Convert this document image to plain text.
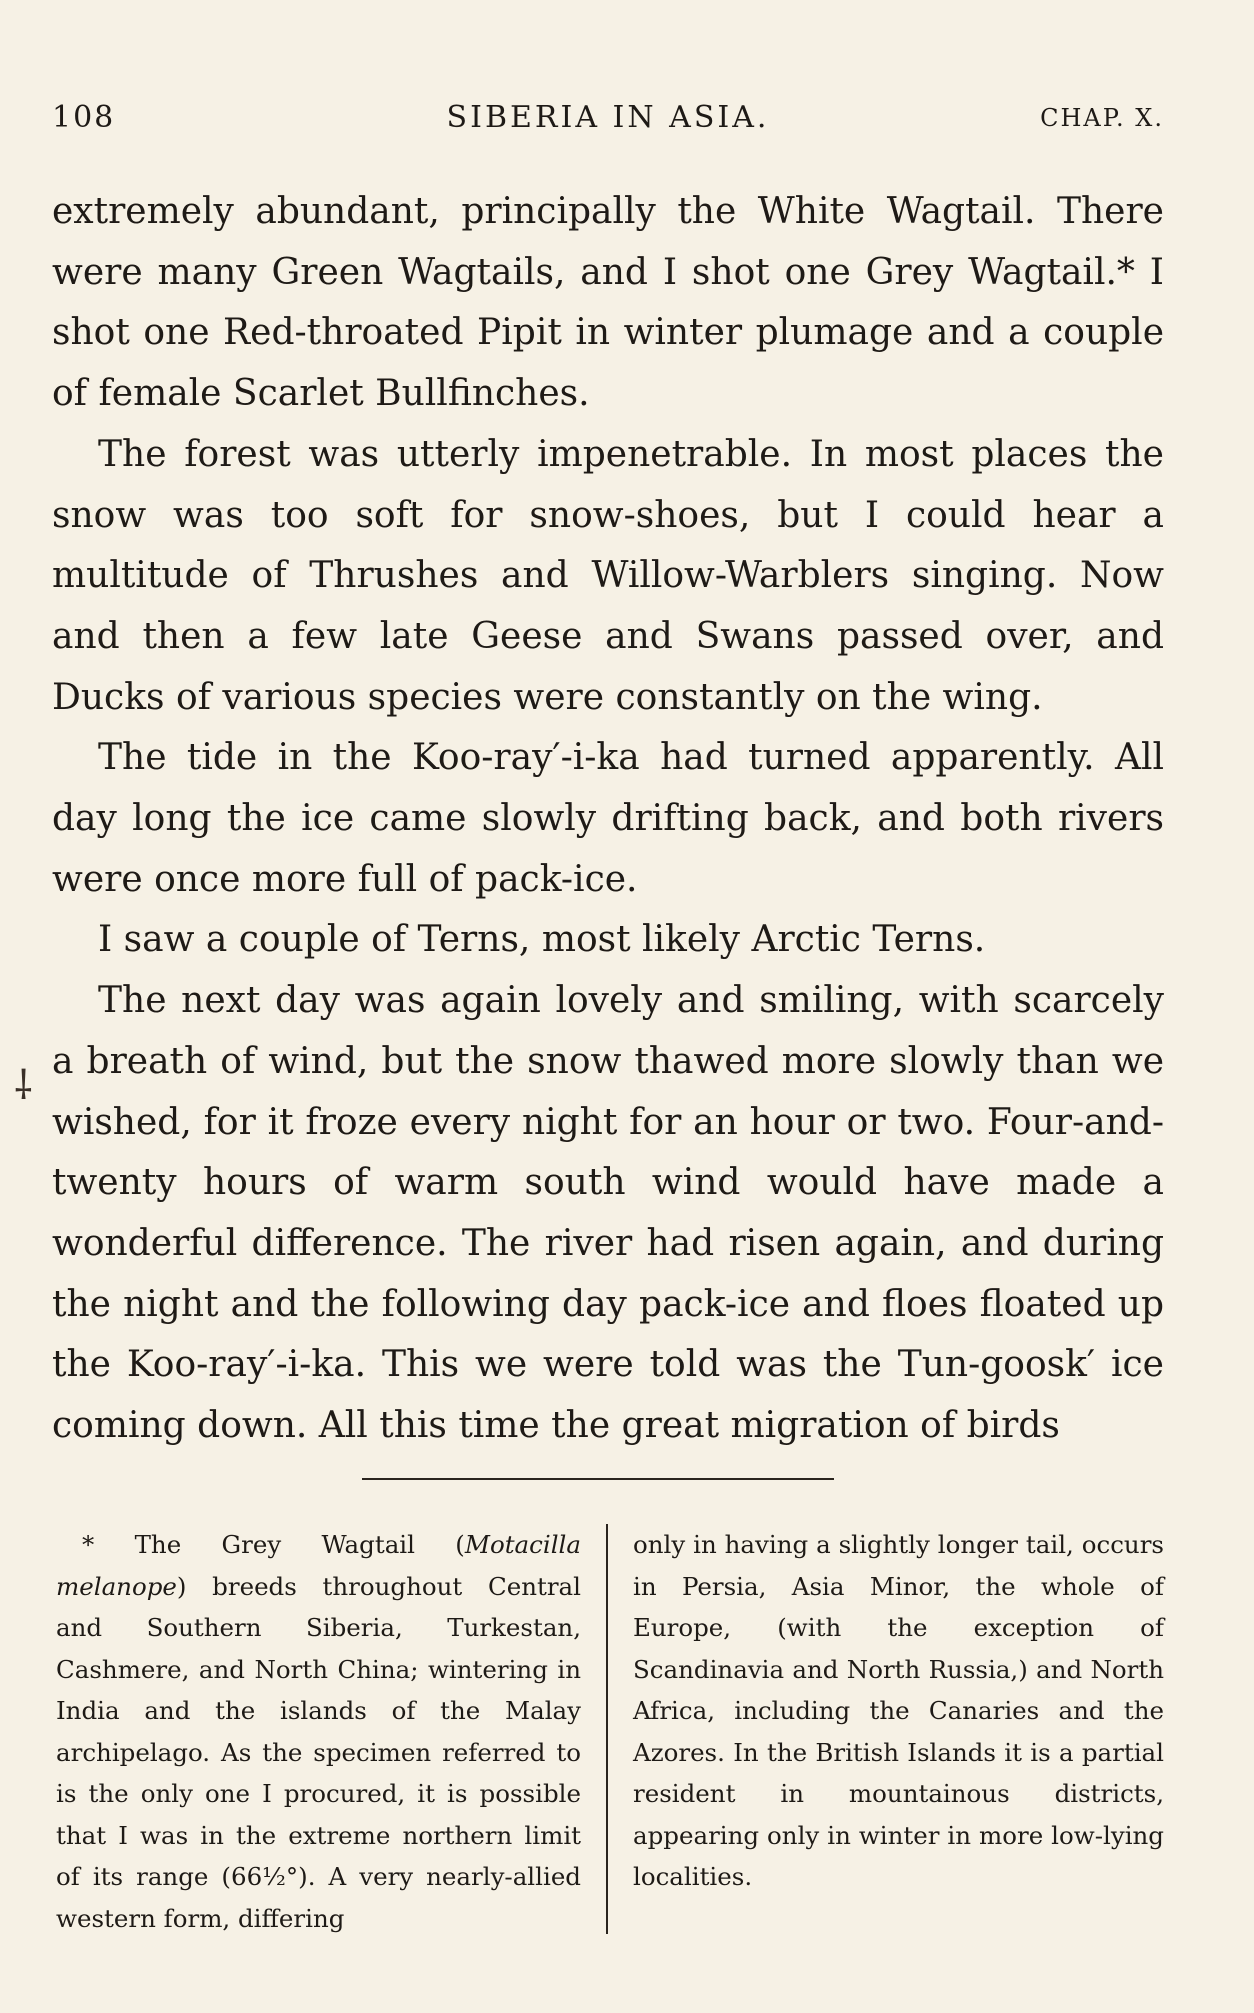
108	SIBERIA IN ASIA.	CHAP. X.

extremely abundant, principally the White Wagtail. There were many Green Wagtails, and I shot one Grey Wagtail.* I shot one Red-throated Pipit in winter plumage and a couple of female Scarlet Bullfinches.

The forest was utterly impenetrable. In most places the snow was too soft for snow-shoes, but I could hear a multitude of Thrushes and Willow-Warblers singing. Now and then a few late Geese and Swans passed over, and Ducks of various species were constantly on the wing.

The tide in the Koo-ray′-i-ka had turned apparently. All day long the ice came slowly drifting back, and both rivers were once more full of pack-ice.

I saw a couple of Terns, most likely Arctic Terns.

The next day was again lovely and smiling, with scarcely a breath of wind, but the snow thawed more slowly than we wished, for it froze every night for an hour or two. Four-and-twenty hours of warm south wind would have made a wonderful difference. The river had risen again, and during the night and the following day pack-ice and floes floated up the Koo-ray′-i-ka. This we were told was the Tun-goosk′ ice coming down. All this time the great migration of birds

⸸

* The Grey Wagtail (Motacilla melanope) breeds throughout Central and Southern Siberia, Turkestan, Cashmere, and North China; wintering in India and the islands of the Malay archipelago. As the specimen referred to is the only one I procured, it is possible that I was in the extreme northern limit of its range (66½°). A very nearly-allied western form, differing

only in having a slightly longer tail, occurs in Persia, Asia Minor, the whole of Europe, (with the exception of Scandinavia and North Russia,) and North Africa, including the Canaries and the Azores. In the British Islands it is a partial resident in mountainous districts, appearing only in winter in more low-lying localities.
